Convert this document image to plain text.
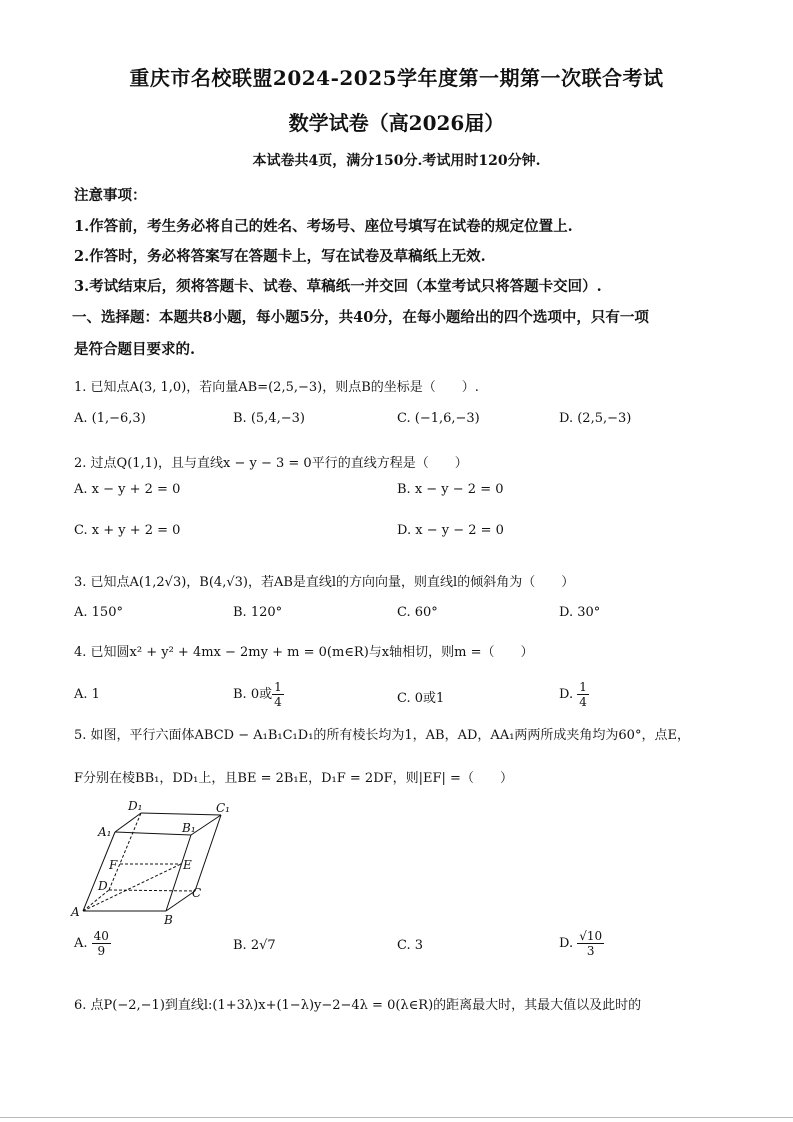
重庆市名校联盟2024-2025学年度第一期第一次联合考试
数学试卷（高2026届）
本试卷共4页，满分150分.考试用时120分钟.
注意事项：
1.作答前，考生务必将自己的姓名、考场号、座位号填写在试卷的规定位置上.
2.作答时，务必将答案写在答题卡上，写在试卷及草稿纸上无效.
3.考试结束后，须将答题卡、试卷、草稿纸一并交回（本堂考试只将答题卡交回）.
一、选择题：本题共8小题，每小题5分，共40分，在每小题给出的四个选项中，只有一项
是符合题目要求的.
1. 已知点A(3, 1,0)，若向量AB=(2,5,−3)，则点B的坐标是（　　）.
A. (1,−6,3)	B. (5,4,−3)	C. (−1,6,−3)	D. (2,5,−3)
2. 过点Q(1,1)，且与直线x − y − 3 = 0平行的直线方程是（　　）
A. x − y + 2 = 0	B. x − y − 2 = 0
C. x + y + 2 = 0	D. x − y − 2 = 0
3. 已知点A(1,2√3)，B(4,√3)，若AB是直线l的方向向量，则直线l的倾斜角为（　　）
A. 150°	B. 120°	C. 60°	D. 30°
4. 已知圆x² + y² + 4mx − 2my + m = 0(m∈R)与x轴相切，则m =（　　）
A. 1	B. 0或 $\frac{1}{4}$	C. 0或1	D. $\frac{1}{4}$
5. 如图，平行六面体ABCD − A₁B₁C₁D₁的所有棱长均为1，AB，AD，AA₁两两所成夹角均为60°，点E，
F分别在棱BB₁，DD₁上，且BE = 2B₁E，D₁F = 2DF，则|EF| =（　　）
D₁	C₁
A₁	B₁
F	E
D	C
A
B
A. $\frac{40}{9}$	B. 2√7	C. 3	D. $\frac{√10}{3}$
6. 点P(−2,−1)到直线l:(1+3λ)x+(1−λ)y−2−4λ = 0(λ∈R)的距离最大时，其最大值以及此时的
